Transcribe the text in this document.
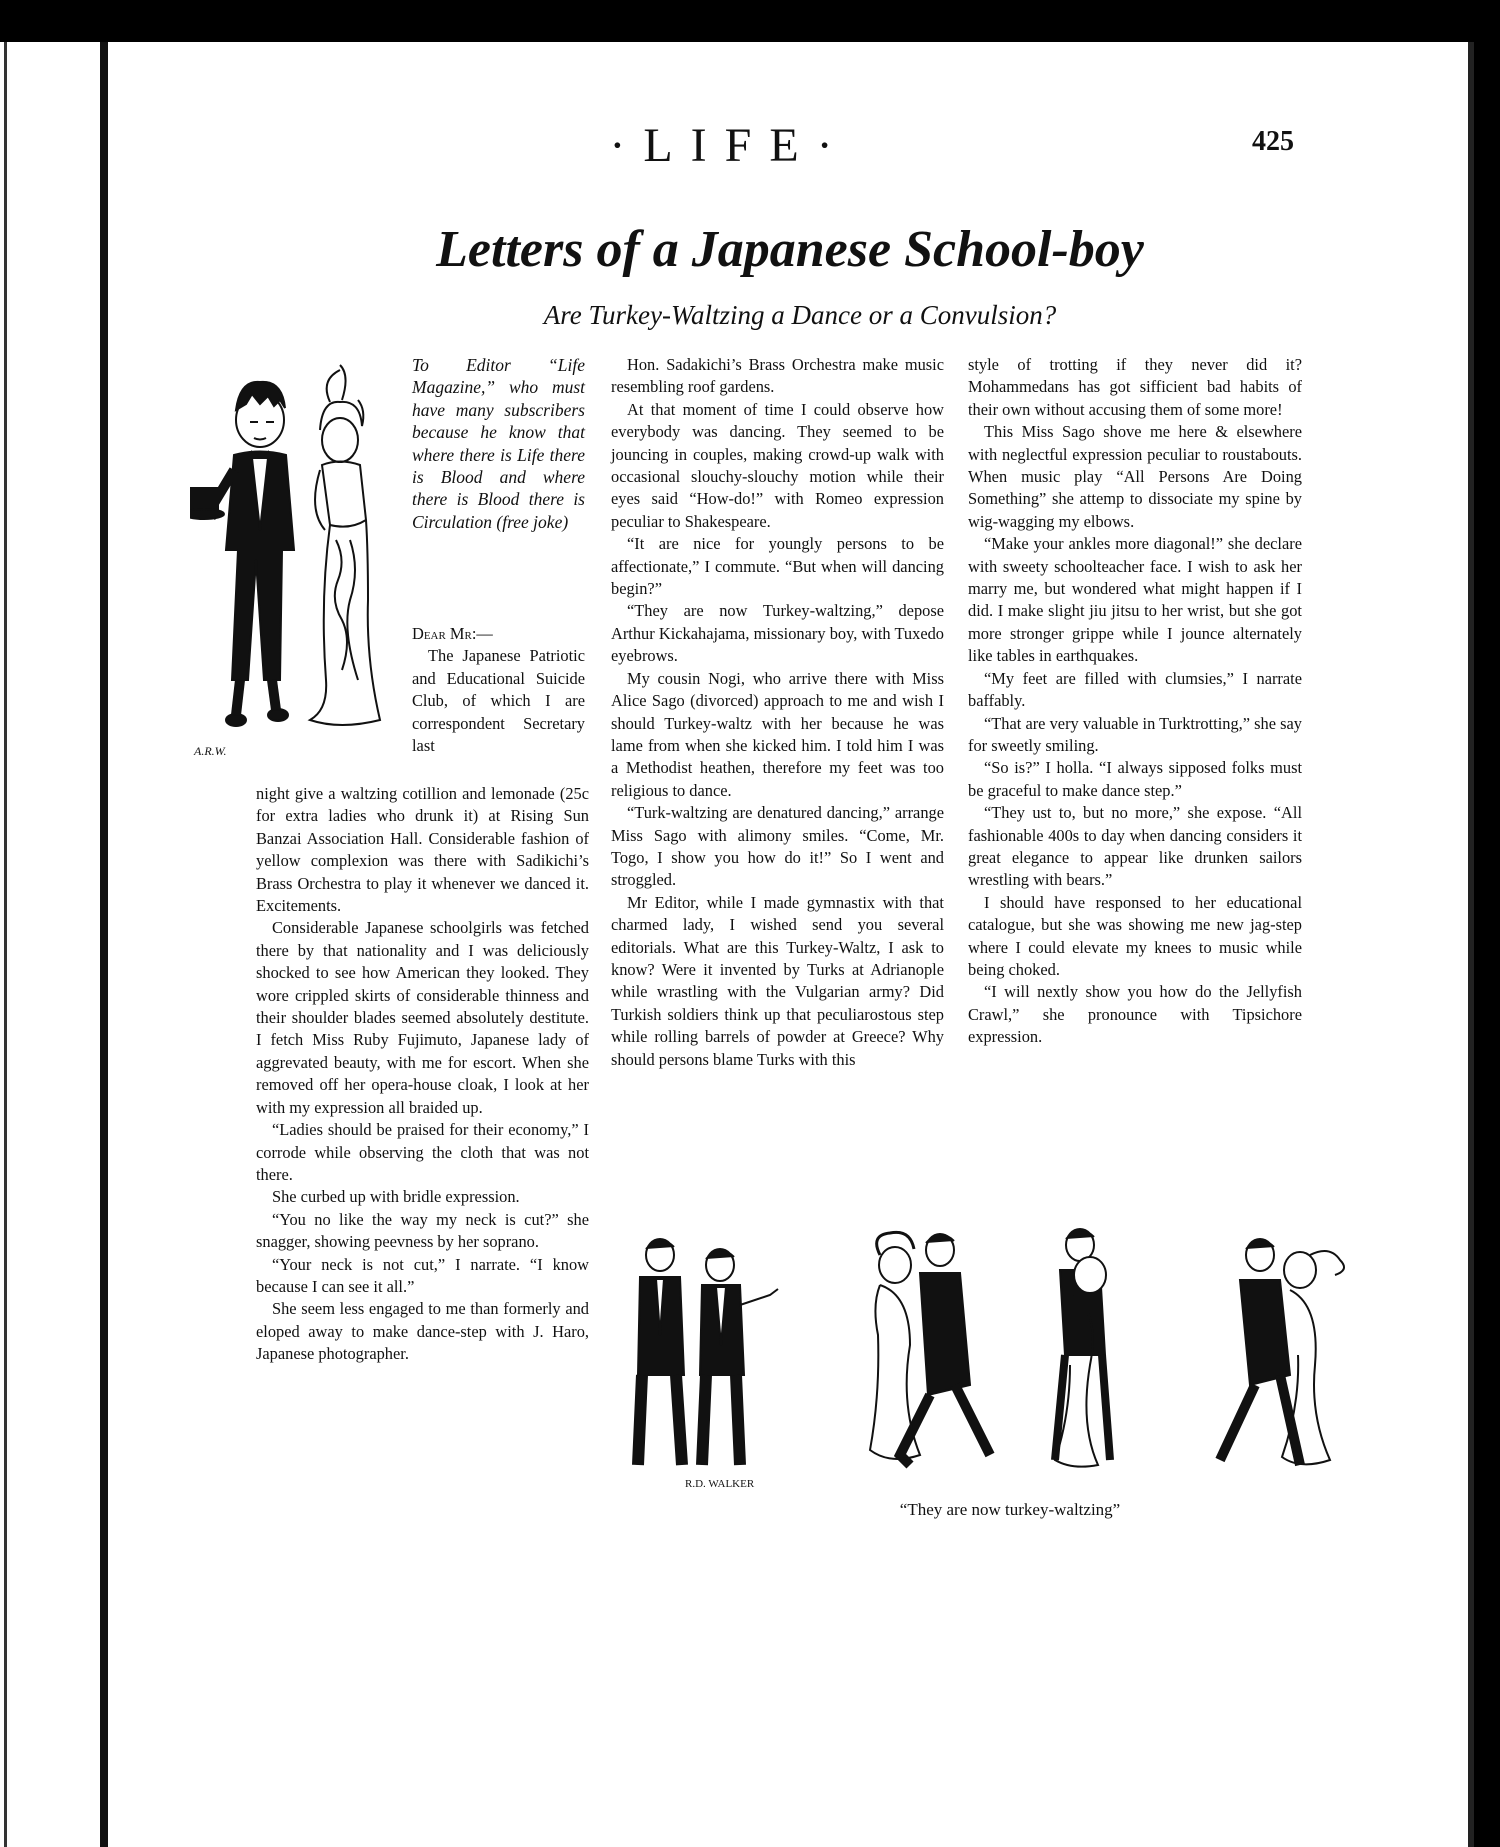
·LIFE·	425
Letters of a Japanese School-boy
Are Turkey-Waltzing a Dance or a Convulsion?
A.R.W.
To Editor “Life Magazine,” who must have many subscribers because he know that where there is Life there is Blood and where there is Blood there is Circulation (free joke)

Dear Mr:—

The Japanese Patriotic and Educational Suicide Club, of which I are correspondent Secretary last

night give a waltzing cotillion and lemonade (25c for extra ladies who drunk it) at Rising Sun Banzai Association Hall. Considerable fashion of yellow complexion was there with Sadikichi’s Brass Orchestra to play it whenever we danced it. Excitements.

Considerable Japanese schoolgirls was fetched there by that nationality and I was deliciously shocked to see how American they looked. They wore crippled skirts of considerable thinness and their shoulder blades seemed absolutely destitute. I fetch Miss Ruby Fujimuto, Japanese lady of aggrevated beauty, with me for escort. When she removed off her opera-house cloak, I look at her with my expression all braided up.

“Ladies should be praised for their economy,” I corrode while observing the cloth that was not there.

She curbed up with bridle expression.

“You no like the way my neck is cut?” she snagger, showing peevness by her soprano.

“Your neck is not cut,” I narrate. “I know because I can see it all.”

She seem less engaged to me than formerly and eloped away to make dance-step with J. Haro, Japanese photographer.

Hon. Sadakichi’s Brass Orchestra make music resembling roof gardens.

At that moment of time I could observe how everybody was dancing. They seemed to be jouncing in couples, making crowd-up walk with occasional slouchy-slouchy motion while their eyes said “How-do!” with Romeo expression peculiar to Shakespeare.

“It are nice for youngly persons to be affectionate,” I commute. “But when will dancing begin?”

“They are now Turkey-waltzing,” depose Arthur Kickahajama, missionary boy, with Tuxedo eyebrows.

My cousin Nogi, who arrive there with Miss Alice Sago (divorced) approach to me and wish I should Turkey-waltz with her because he was lame from when she kicked him. I told him I was a Methodist heathen, therefore my feet was too religious to dance.

“Turk-waltzing are denatured dancing,” arrange Miss Sago with alimony smiles. “Come, Mr. Togo, I show you how do it!” So I went and stroggled.

Mr Editor, while I made gymnastix with that charmed lady, I wished send you several editorials. What are this Turkey-Waltz, I ask to know? Were it invented by Turks at Adrianople while wrastling with the Vulgarian army? Did Turkish soldiers think up that peculiarostous step while rolling barrels of powder at Greece? Why should persons blame Turks with this

style of trotting if they never did it? Mohammedans has got sifficient bad habits of their own without accusing them of some more!

This Miss Sago shove me here & elsewhere with neglectful expression peculiar to roustabouts. When music play “All Persons Are Doing Something” she attemp to dissociate my spine by wig-wagging my elbows.

“Make your ankles more diagonal!” she declare with sweety schoolteacher face. I wish to ask her marry me, but wondered what might happen if I did. I make slight jiu jitsu to her wrist, but she got more stronger grippe while I jounce alternately like tables in earthquakes.

“My feet are filled with clumsies,” I narrate baffably.

“That are very valuable in Turktrotting,” she say for sweetly smiling.

“So is?” I holla. “I always sipposed folks must be graceful to make dance step.”

“They ust to, but no more,” she expose. “All fashionable 400s to day when dancing considers it great elegance to appear like drunken sailors wrestling with bears.”

I should have responsed to her educational catalogue, but she was showing me new jag-step where I could elevate my knees to music while being choked.

“I will nextly show you how do the Jellyfish Crawl,” she pronounce with Tipsichore expression.

R.D. WALKER
“They are now turkey-waltzing”
comicbooks.com
